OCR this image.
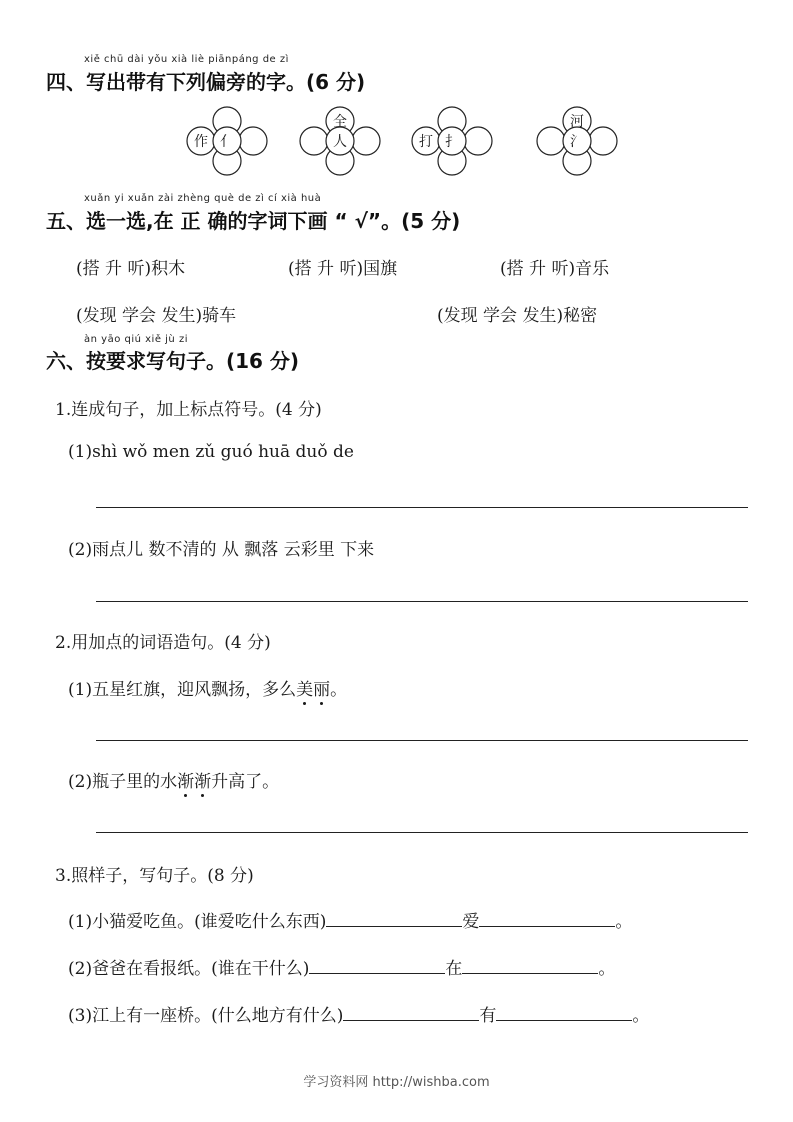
xiě chū dài yǒu xià liè piānpáng de zì
四、写出带有下列偏旁的字。(6 分)
作 亻
全
人	打 扌
河
氵
xuǎn yi xuǎn zài zhèng què de zì cí xià huà
五、选一选,在 正 确的字词下画 “ √”。(5 分)
(搭 升 听)积木	(搭 升 听)国旗	(搭 升 听)音乐
(发现 学会 发生)骑车	(发现 学会 发生)秘密
àn yāo qiú xiě jù zi
六、按要求写句子。(16 分)
1.连成句子，加上标点符号。(4 分)
(1)shì wǒ men zǔ guó huā duǒ de
(2)雨点儿 数不清的 从 飘落 云彩里 下来
2.用加点的词语造句。(4 分)
(1)五星红旗，迎风飘扬，多么美丽。
(2)瓶子里的水渐渐升高了。
3.照样子，写句子。(8 分)
(1)小猫爱吃鱼。(谁爱吃什么东西)	爱	。
(2)爸爸在看报纸。(谁在干什么)	在	。
(3)江上有一座桥。(什么地方有什么)	有	。
学习资料网 http://wishba.com
